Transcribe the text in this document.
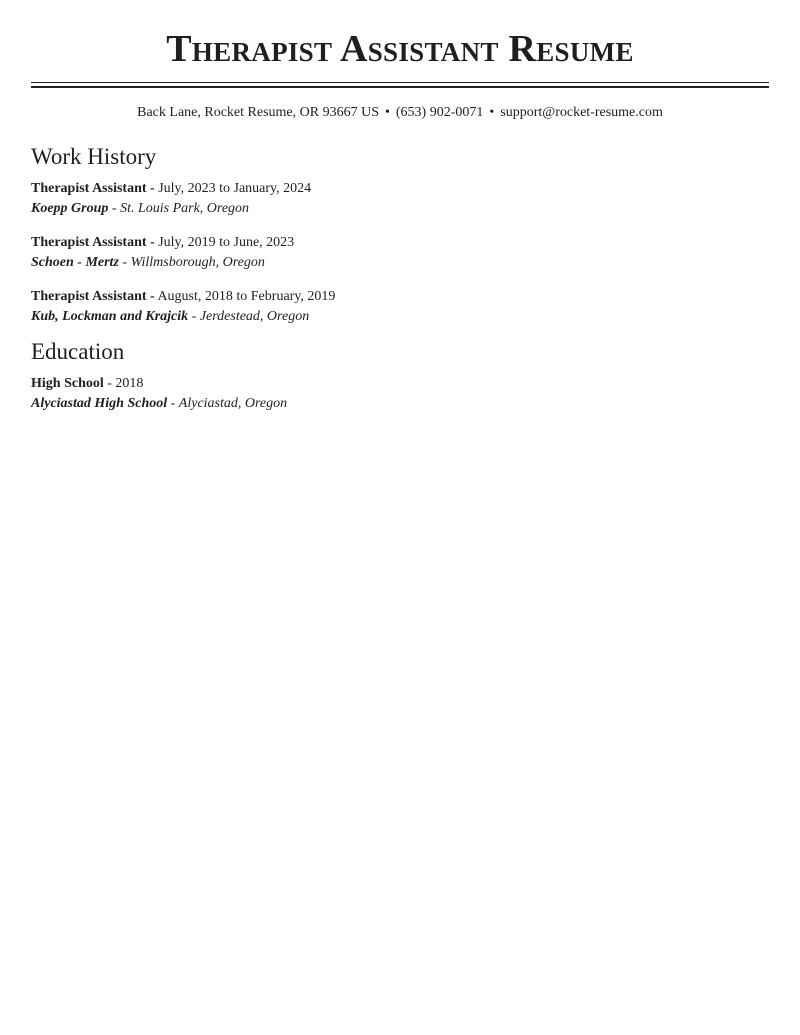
Therapist Assistant Resume
Back Lane, Rocket Resume, OR 93667 US • (653) 902-0071 • support@rocket-resume.com
Work History
Therapist Assistant - July, 2023 to January, 2024
Koepp Group - St. Louis Park, Oregon
Therapist Assistant - July, 2019 to June, 2023
Schoen - Mertz - Willmsborough, Oregon
Therapist Assistant - August, 2018 to February, 2019
Kub, Lockman and Krajcik - Jerdestead, Oregon
Education
High School - 2018
Alyciastad High School - Alyciastad, Oregon
